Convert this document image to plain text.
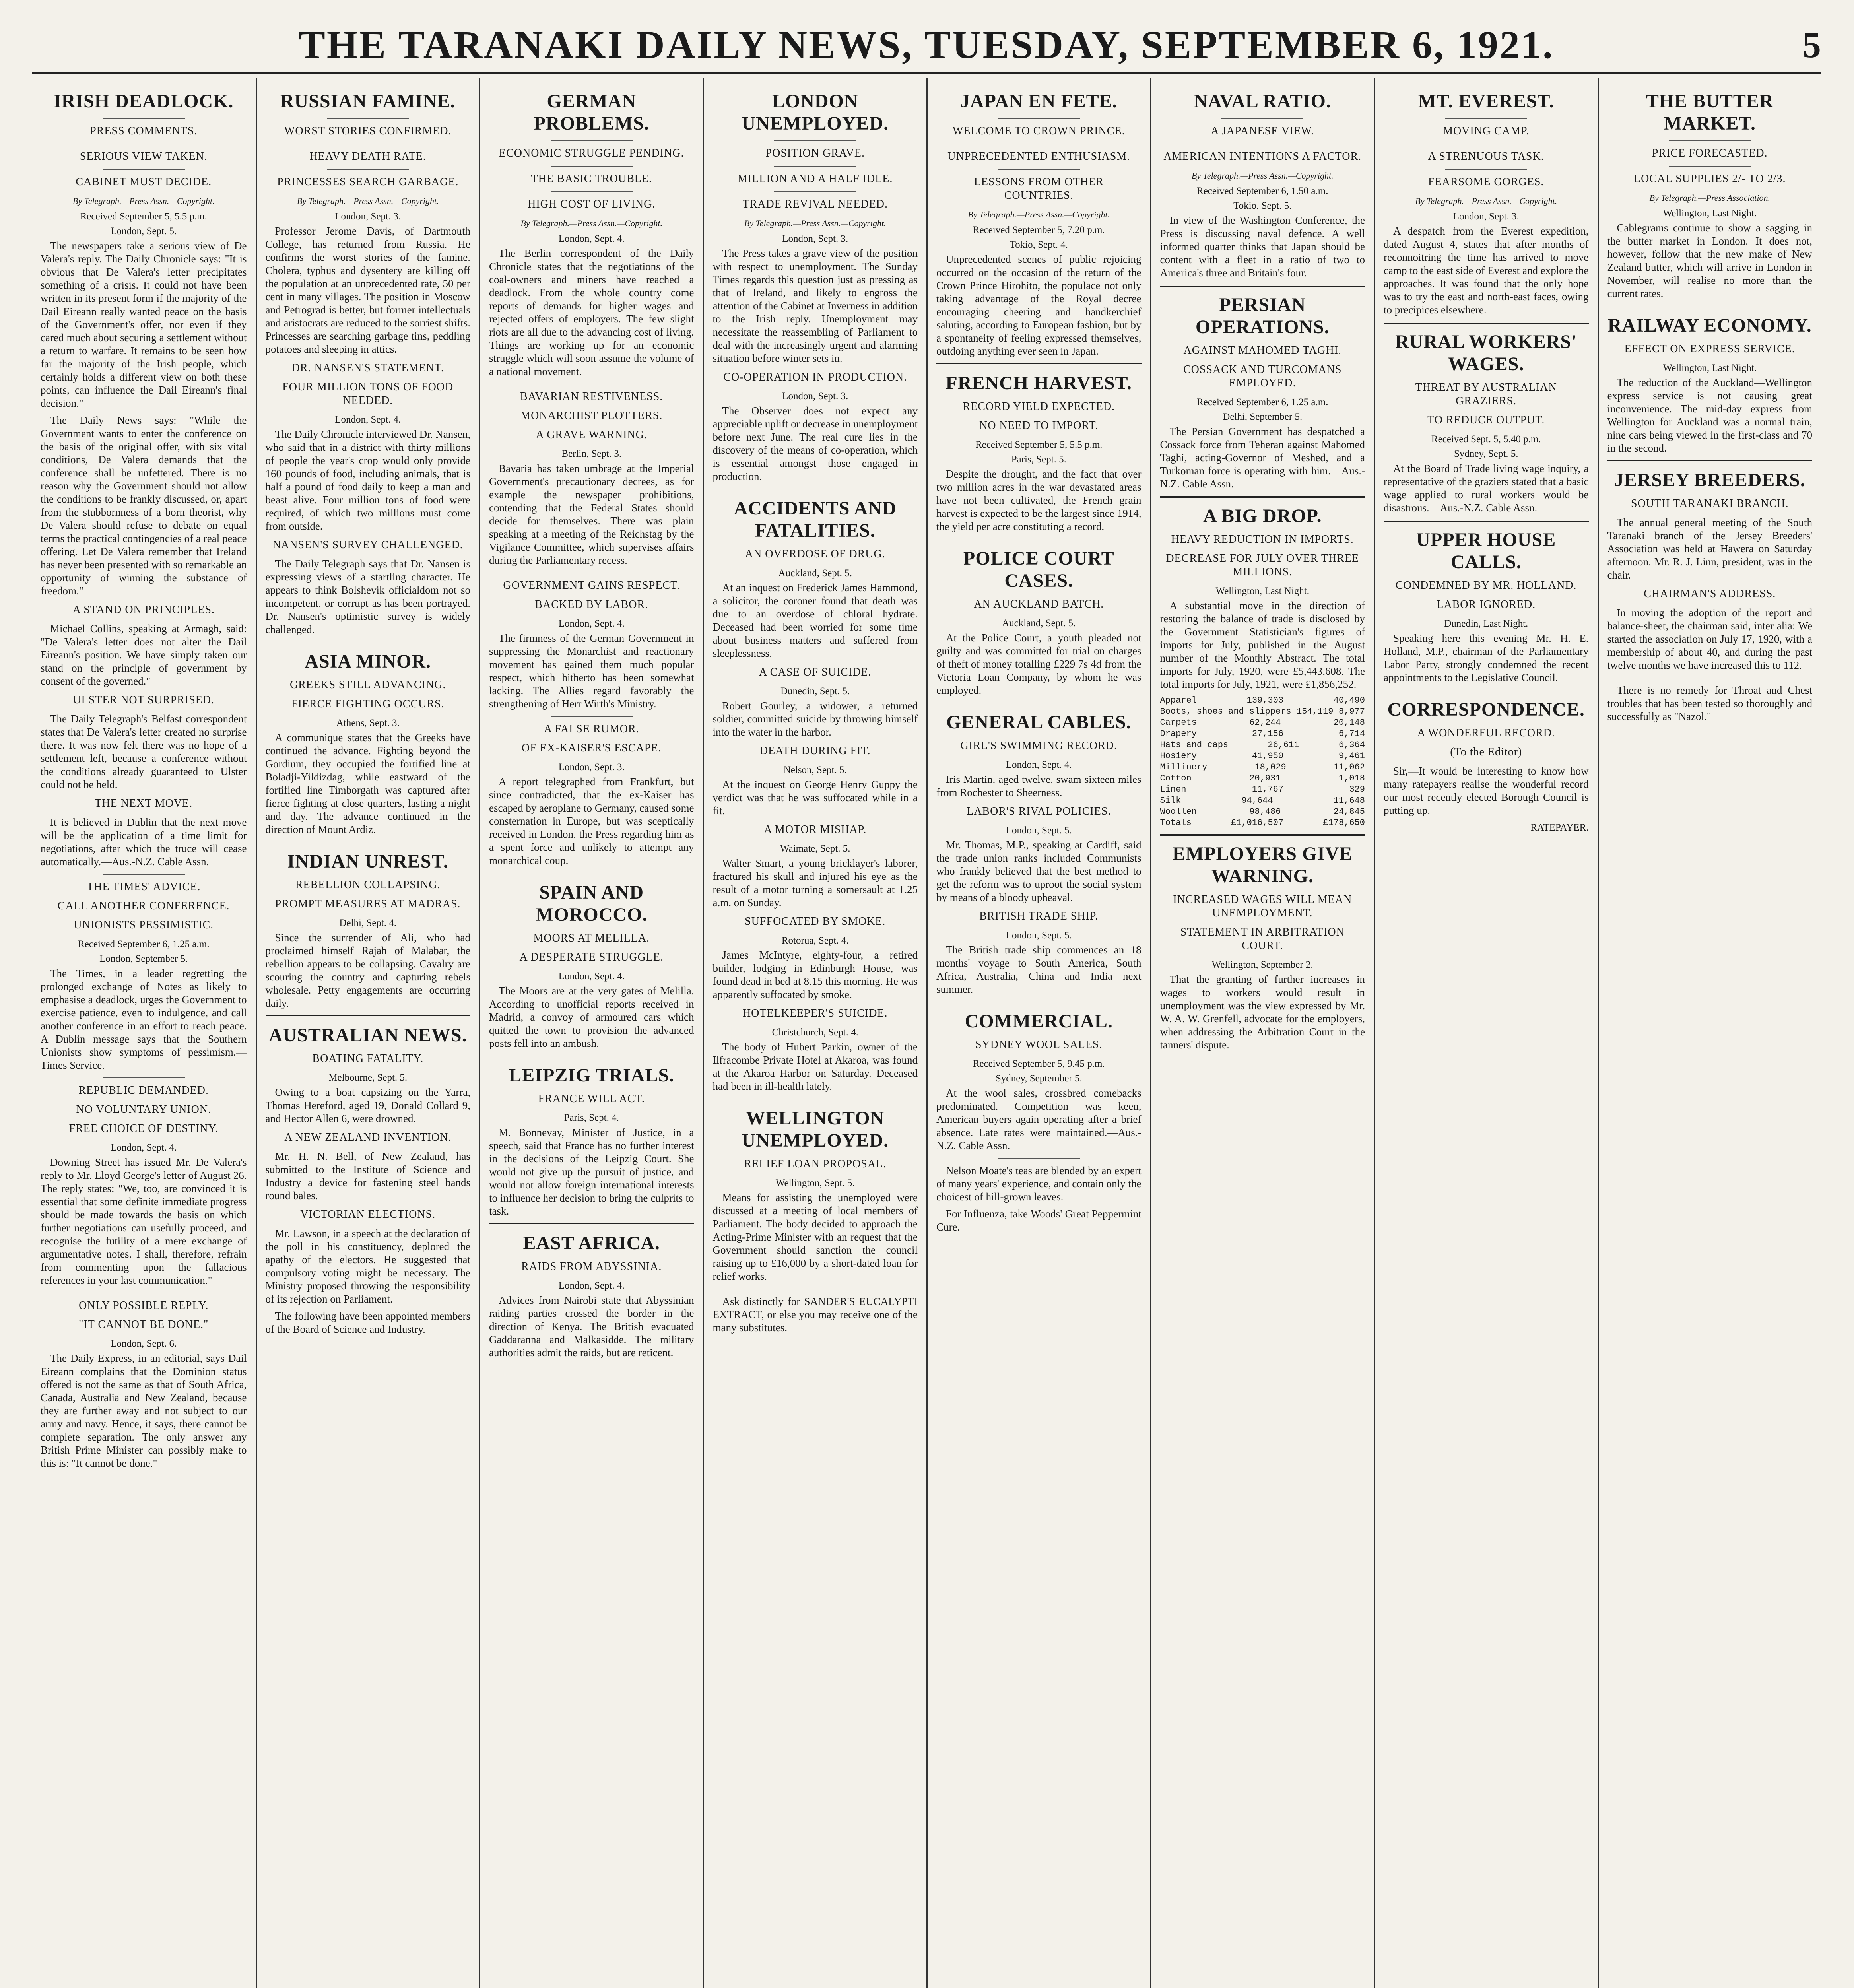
THE TARANAKI DAILY NEWS, TUESDAY, SEPTEMBER 6, 1921.	5
IRISH DEADLOCK.
PRESS COMMENTS.
SERIOUS VIEW TAKEN.
CABINET MUST DECIDE.
By Telegraph.—Press Assn.—Copyright.
Received September 5, 5.5 p.m.
London, Sept. 5.

The newspapers take a serious view of De Valera's reply. The Daily Chronicle says: "It is obvious that De Valera's letter precipitates something of a crisis. It could not have been written in its present form if the majority of the Dail Eireann really wanted peace on the basis of the Government's offer, nor even if they cared much about securing a settlement without a return to warfare. It remains to be seen how far the majority of the Irish people, which certainly holds a different view on both these points, can influence the Dail Eireann's final decision."

The Daily News says: "While the Government wants to enter the conference on the basis of the original offer, with six vital conditions, De Valera demands that the conference shall be unfettered. There is no reason why the Government should not allow the conditions to be frankly discussed, or, apart from the stubbornness of a born theorist, why De Valera should refuse to debate on equal terms the practical contingencies of a real peace offering. Let De Valera remember that Ireland has never been presented with so remarkable an opportunity of winning the substance of freedom."

A STAND ON PRINCIPLES.

Michael Collins, speaking at Armagh, said: "De Valera's letter does not alter the Dail Eireann's position. We have simply taken our stand on the principle of government by consent of the governed."

ULSTER NOT SURPRISED.

The Daily Telegraph's Belfast correspondent states that De Valera's letter created no surprise there. It was now felt there was no hope of a settlement left, because a conference without the conditions already guaranteed to Ulster could not be held.

THE NEXT MOVE.

It is believed in Dublin that the next move will be the application of a time limit for negotiations, after which the truce will cease automatically.—Aus.-N.Z. Cable Assn.

THE TIMES' ADVICE.
CALL ANOTHER CONFERENCE.
UNIONISTS PESSIMISTIC.
Received September 6, 1.25 a.m.
London, September 5.

The Times, in a leader regretting the prolonged exchange of Notes as likely to emphasise a deadlock, urges the Government to exercise patience, even to indulgence, and call another conference in an effort to reach peace. A Dublin message says that the Southern Unionists show symptoms of pessimism.—Times Service.

REPUBLIC DEMANDED.
NO VOLUNTARY UNION.
FREE CHOICE OF DESTINY.
London, Sept. 4.

Downing Street has issued Mr. De Valera's reply to Mr. Lloyd George's letter of August 26. The reply states: "We, too, are convinced it is essential that some definite immediate progress should be made towards the basis on which further negotiations can usefully proceed, and recognise the futility of a mere exchange of argumentative notes. I shall, therefore, refrain from commenting upon the fallacious references in your last communication."

ONLY POSSIBLE REPLY.
"IT CANNOT BE DONE."
London, Sept. 6.

The Daily Express, in an editorial, says Dail Eireann complains that the Dominion status offered is not the same as that of South Africa, Canada, Australia and New Zealand, because they are further away and not subject to our army and navy. Hence, it says, there cannot be complete separation. The only answer any British Prime Minister can possibly make to this is: "It cannot be done."

RUSSIAN FAMINE.
WORST STORIES CONFIRMED.
HEAVY DEATH RATE.
PRINCESSES SEARCH GARBAGE.
By Telegraph.—Press Assn.—Copyright.
London, Sept. 3.

Professor Jerome Davis, of Dartmouth College, has returned from Russia. He confirms the worst stories of the famine. Cholera, typhus and dysentery are killing off the population at an unprecedented rate, 50 per cent in many villages. The position in Moscow and Petrograd is better, but former intellectuals and aristocrats are reduced to the sorriest shifts. Princesses are searching garbage tins, peddling potatoes and sleeping in attics.

DR. NANSEN'S STATEMENT.
FOUR MILLION TONS OF FOOD NEEDED.
London, Sept. 4.

The Daily Chronicle interviewed Dr. Nansen, who said that in a district with thirty millions of people the year's crop would only provide 160 pounds of food, including animals, that is half a pound of food daily to keep a man and beast alive. Four million tons of food were required, of which two millions must come from outside.

NANSEN'S SURVEY CHALLENGED.

The Daily Telegraph says that Dr. Nansen is expressing views of a startling character. He appears to think Bolshevik officialdom not so incompetent, or corrupt as has been portrayed. Dr. Nansen's optimistic survey is widely challenged.

ASIA MINOR.
GREEKS STILL ADVANCING.
FIERCE FIGHTING OCCURS.
Athens, Sept. 3.

A communique states that the Greeks have continued the advance. Fighting beyond the Gordium, they occupied the fortified line at Boladji-Yildizdag, while eastward of the fortified line Timborgath was captured after fierce fighting at close quarters, lasting a night and day. The advance continued in the direction of Mount Ardiz.

INDIAN UNREST.
REBELLION COLLAPSING.
PROMPT MEASURES AT MADRAS.
Delhi, Sept. 4.

Since the surrender of Ali, who had proclaimed himself Rajah of Malabar, the rebellion appears to be collapsing. Cavalry are scouring the country and capturing rebels wholesale. Petty engagements are occurring daily.

AUSTRALIAN NEWS.
BOATING FATALITY.
Melbourne, Sept. 5.

Owing to a boat capsizing on the Yarra, Thomas Hereford, aged 19, Donald Collard 9, and Hector Allen 6, were drowned.

A NEW ZEALAND INVENTION.

Mr. H. N. Bell, of New Zealand, has submitted to the Institute of Science and Industry a device for fastening steel bands round bales.

VICTORIAN ELECTIONS.

Mr. Lawson, in a speech at the declaration of the poll in his constituency, deplored the apathy of the electors. He suggested that compulsory voting might be necessary. The Ministry proposed throwing the responsibility of its rejection on Parliament.

The following have been appointed members of the Board of Science and Industry.

GERMAN PROBLEMS.
ECONOMIC STRUGGLE PENDING.
THE BASIC TROUBLE.
HIGH COST OF LIVING.
By Telegraph.—Press Assn.—Copyright.
London, Sept. 4.

The Berlin correspondent of the Daily Chronicle states that the negotiations of the coal-owners and miners have reached a deadlock. From the whole country come reports of demands for higher wages and rejected offers of employers. The few slight riots are all due to the advancing cost of living. Things are working up for an economic struggle which will soon assume the volume of a national movement.

BAVARIAN RESTIVENESS.
MONARCHIST PLOTTERS.
A GRAVE WARNING.
Berlin, Sept. 3.

Bavaria has taken umbrage at the Imperial Government's precautionary decrees, as for example the newspaper prohibitions, contending that the Federal States should decide for themselves. There was plain speaking at a meeting of the Reichstag by the Vigilance Committee, which supervises affairs during the Parliamentary recess.

GOVERNMENT GAINS RESPECT.
BACKED BY LABOR.
London, Sept. 4.

The firmness of the German Government in suppressing the Monarchist and reactionary movement has gained them much popular respect, which hitherto has been somewhat lacking. The Allies regard favorably the strengthening of Herr Wirth's Ministry.

A FALSE RUMOR.
OF EX-KAISER'S ESCAPE.
London, Sept. 3.

A report telegraphed from Frankfurt, but since contradicted, that the ex-Kaiser has escaped by aeroplane to Germany, caused some consternation in Europe, but was sceptically received in London, the Press regarding him as a spent force and unlikely to attempt any monarchical coup.

SPAIN AND MOROCCO.
MOORS AT MELILLA.
A DESPERATE STRUGGLE.
London, Sept. 4.

The Moors are at the very gates of Melilla. According to unofficial reports received in Madrid, a convoy of armoured cars which quitted the town to provision the advanced posts fell into an ambush.

LEIPZIG TRIALS.
FRANCE WILL ACT.
Paris, Sept. 4.

M. Bonnevay, Minister of Justice, in a speech, said that France has no further interest in the decisions of the Leipzig Court. She would not give up the pursuit of justice, and would not allow foreign international interests to influence her decision to bring the culprits to task.

EAST AFRICA.
RAIDS FROM ABYSSINIA.
London, Sept. 4.

Advices from Nairobi state that Abyssinian raiding parties crossed the border in the direction of Kenya. The British evacuated Gaddaranna and Malkasidde. The military authorities admit the raids, but are reticent.

LONDON UNEMPLOYED.
POSITION GRAVE.
MILLION AND A HALF IDLE.
TRADE REVIVAL NEEDED.
By Telegraph.—Press Assn.—Copyright.
London, Sept. 3.

The Press takes a grave view of the position with respect to unemployment. The Sunday Times regards this question just as pressing as that of Ireland, and likely to engross the attention of the Cabinet at Inverness in addition to the Irish reply. Unemployment may necessitate the reassembling of Parliament to deal with the increasingly urgent and alarming situation before winter sets in.

CO-OPERATION IN PRODUCTION.
London, Sept. 3.

The Observer does not expect any appreciable uplift or decrease in unemployment before next June. The real cure lies in the discovery of the means of co-operation, which is essential amongst those engaged in production.

ACCIDENTS AND FATALITIES.
AN OVERDOSE OF DRUG.
Auckland, Sept. 5.

At an inquest on Frederick James Hammond, a solicitor, the coroner found that death was due to an overdose of chloral hydrate. Deceased had been worried for some time about business matters and suffered from sleeplessness.

A CASE OF SUICIDE.
Dunedin, Sept. 5.

Robert Gourley, a widower, a returned soldier, committed suicide by throwing himself into the water in the harbor.

DEATH DURING FIT.
Nelson, Sept. 5.

At the inquest on George Henry Guppy the verdict was that he was suffocated while in a fit.

A MOTOR MISHAP.
Waimate, Sept. 5.

Walter Smart, a young bricklayer's laborer, fractured his skull and injured his eye as the result of a motor turning a somersault at 1.25 a.m. on Sunday.

SUFFOCATED BY SMOKE.
Rotorua, Sept. 4.

James McIntyre, eighty-four, a retired builder, lodging in Edinburgh House, was found dead in bed at 8.15 this morning. He was apparently suffocated by smoke.

HOTELKEEPER'S SUICIDE.
Christchurch, Sept. 4.

The body of Hubert Parkin, owner of the Ilfracombe Private Hotel at Akaroa, was found at the Akaroa Harbor on Saturday. Deceased had been in ill-health lately.

WELLINGTON UNEMPLOYED.
RELIEF LOAN PROPOSAL.
Wellington, Sept. 5.

Means for assisting the unemployed were discussed at a meeting of local members of Parliament. The body decided to approach the Acting-Prime Minister with an request that the Government should sanction the council raising up to £16,000 by a short-dated loan for relief works.

Ask distinctly for SANDER'S EUCALYPTI EXTRACT, or else you may receive one of the many substitutes.

JAPAN EN FETE.
WELCOME TO CROWN PRINCE.
UNPRECEDENTED ENTHUSIASM.
LESSONS FROM OTHER COUNTRIES.
By Telegraph.—Press Assn.—Copyright.
Received September 5, 7.20 p.m.
Tokio, Sept. 4.

Unprecedented scenes of public rejoicing occurred on the occasion of the return of the Crown Prince Hirohito, the populace not only taking advantage of the Royal decree encouraging cheering and handkerchief saluting, according to European fashion, but by a spontaneity of feeling expressed themselves, outdoing anything ever seen in Japan.

FRENCH HARVEST.
RECORD YIELD EXPECTED.
NO NEED TO IMPORT.
Received September 5, 5.5 p.m.
Paris, Sept. 5.

Despite the drought, and the fact that over two million acres in the war devastated areas have not been cultivated, the French grain harvest is expected to be the largest since 1914, the yield per acre constituting a record.

POLICE COURT CASES.
AN AUCKLAND BATCH.
Auckland, Sept. 5.

At the Police Court, a youth pleaded not guilty and was committed for trial on charges of theft of money totalling £229 7s 4d from the Victoria Loan Company, by whom he was employed.

GENERAL CABLES.
GIRL'S SWIMMING RECORD.
London, Sept. 4.

Iris Martin, aged twelve, swam sixteen miles from Rochester to Sheerness.

LABOR'S RIVAL POLICIES.
London, Sept. 5.

Mr. Thomas, M.P., speaking at Cardiff, said the trade union ranks included Communists who frankly believed that the best method to get the reform was to uproot the social system by means of a bloody upheaval.

BRITISH TRADE SHIP.
London, Sept. 5.

The British trade ship commences an 18 months' voyage to South America, South Africa, Australia, China and India next summer.

COMMERCIAL.
SYDNEY WOOL SALES.
Received September 5, 9.45 p.m.
Sydney, September 5.

At the wool sales, crossbred comebacks predominated. Competition was keen, American buyers again operating after a brief absence. Late rates were maintained.—Aus.-N.Z. Cable Assn.

Nelson Moate's teas are blended by an expert of many years' experience, and contain only the choicest of hill-grown leaves.

For Influenza, take Woods' Great Peppermint Cure.

NAVAL RATIO.
A JAPANESE VIEW.
AMERICAN INTENTIONS A FACTOR.
By Telegraph.—Press Assn.—Copyright.
Received September 6, 1.50 a.m.
Tokio, Sept. 5.

In view of the Washington Conference, the Press is discussing naval defence. A well informed quarter thinks that Japan should be content with a fleet in a ratio of two to America's three and Britain's four.

PERSIAN OPERATIONS.
AGAINST MAHOMED TAGHI.
COSSACK AND TURCOMANS EMPLOYED.
Received September 6, 1.25 a.m.
Delhi, September 5.

The Persian Government has despatched a Cossack force from Teheran against Mahomed Taghi, acting-Governor of Meshed, and a Turkoman force is operating with him.—Aus.-N.Z. Cable Assn.

A BIG DROP.
HEAVY REDUCTION IN IMPORTS.
DECREASE FOR JULY OVER THREE MILLIONS.
Wellington, Last Night.

A substantial move in the direction of restoring the balance of trade is disclosed by the Government Statistician's figures of imports for July, published in the August number of the Monthly Abstract. The total imports for July, 1920, were £5,443,608. The total imports for July, 1921, were £1,856,252.

Apparel	139,303	40,490
Boots, shoes and slippers 154,119 8,977
Carpets	62,244	20,148
Drapery	27,156	6,714
Hats and caps	26,611	6,364
Hosiery	41,950	9,461
Millinery	18,029	11,062
Cotton	20,931	1,018
Linen	11,767	329
Silk	94,644	11,648
Woollen	98,486	24,845
Totals	£1,016,507	£178,650
EMPLOYERS GIVE WARNING.
INCREASED WAGES WILL MEAN UNEMPLOYMENT.
STATEMENT IN ARBITRATION COURT.
Wellington, September 2.

That the granting of further increases in wages to workers would result in unemployment was the view expressed by Mr. W. A. W. Grenfell, advocate for the employers, when addressing the Arbitration Court in the tanners' dispute.

MT. EVEREST.
MOVING CAMP.
A STRENUOUS TASK.
FEARSOME GORGES.
By Telegraph.—Press Assn.—Copyright.
London, Sept. 3.

A despatch from the Everest expedition, dated August 4, states that after months of reconnoitring the time has arrived to move camp to the east side of Everest and explore the approaches. It was found that the only hope was to try the east and north-east faces, owing to precipices elsewhere.

RURAL WORKERS' WAGES.
THREAT BY AUSTRALIAN GRAZIERS.
TO REDUCE OUTPUT.
Received Sept. 5, 5.40 p.m.
Sydney, Sept. 5.

At the Board of Trade living wage inquiry, a representative of the graziers stated that a basic wage applied to rural workers would be disastrous.—Aus.-N.Z. Cable Assn.

UPPER HOUSE CALLS.
CONDEMNED BY MR. HOLLAND.
LABOR IGNORED.
Dunedin, Last Night.

Speaking here this evening Mr. H. E. Holland, M.P., chairman of the Parliamentary Labor Party, strongly condemned the recent appointments to the Legislative Council.

CORRESPONDENCE.
A WONDERFUL RECORD.
(To the Editor)

Sir,—It would be interesting to know how many ratepayers realise the wonderful record our most recently elected Borough Council is putting up.

RATEPAYER.
THE BUTTER MARKET.
PRICE FORECASTED.
LOCAL SUPPLIES 2/- TO 2/3.
By Telegraph.—Press Association.
Wellington, Last Night.

Cablegrams continue to show a sagging in the butter market in London. It does not, however, follow that the new make of New Zealand butter, which will arrive in London in November, will realise no more than the current rates.

RAILWAY ECONOMY.
EFFECT ON EXPRESS SERVICE.
Wellington, Last Night.

The reduction of the Auckland—Wellington express service is not causing great inconvenience. The mid-day express from Wellington for Auckland was a normal train, nine cars being viewed in the first-class and 70 in the second.

JERSEY BREEDERS.
SOUTH TARANAKI BRANCH.

The annual general meeting of the South Taranaki branch of the Jersey Breeders' Association was held at Hawera on Saturday afternoon. Mr. R. J. Linn, president, was in the chair.

CHAIRMAN'S ADDRESS.

In moving the adoption of the report and balance-sheet, the chairman said, inter alia: We started the association on July 17, 1920, with a membership of about 40, and during the past twelve months we have increased this to 112.

There is no remedy for Throat and Chest troubles that has been tested so thoroughly and successfully as "Nazol."
